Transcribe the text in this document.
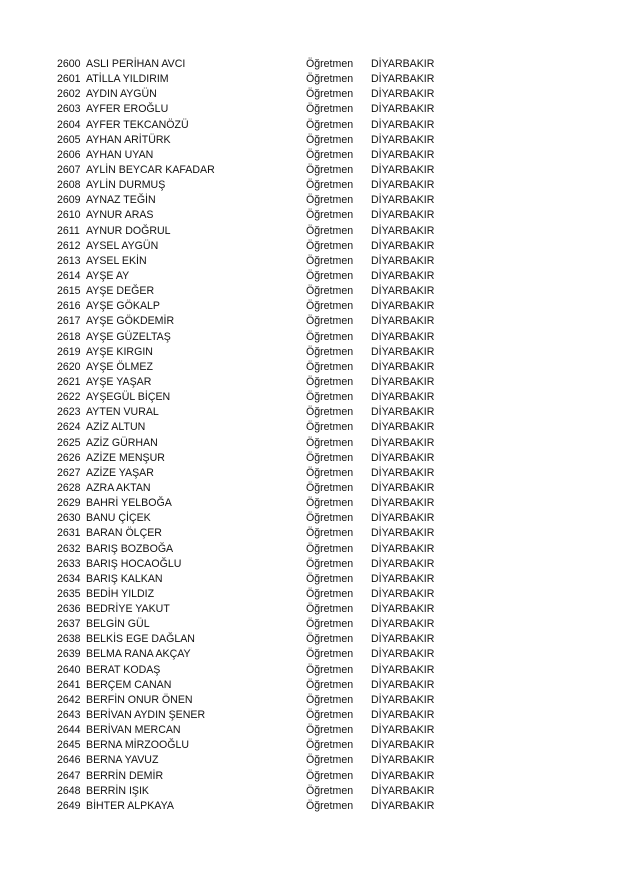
2600 ASLI PERİHAN AVCI	Öğretmen DİYARBAKIR
2601 ATİLLA YILDIRIM	Öğretmen DİYARBAKIR
2602 AYDIN AYGÜN	Öğretmen DİYARBAKIR
2603 AYFER EROĞLU	Öğretmen DİYARBAKIR
2604 AYFER TEKCANÖZÜ	Öğretmen DİYARBAKIR
2605 AYHAN ARİTÜRK	Öğretmen DİYARBAKIR
2606 AYHAN UYAN	Öğretmen DİYARBAKIR
2607 AYLİN BEYCAR KAFADAR	Öğretmen DİYARBAKIR
2608 AYLİN DURMUŞ	Öğretmen DİYARBAKIR
2609 AYNAZ TEĞİN	Öğretmen DİYARBAKIR
2610 AYNUR ARAS	Öğretmen DİYARBAKIR
2611 AYNUR DOĞRUL	Öğretmen DİYARBAKIR
2612 AYSEL AYGÜN	Öğretmen DİYARBAKIR
2613 AYSEL EKİN	Öğretmen DİYARBAKIR
2614 AYŞE AY	Öğretmen DİYARBAKIR
2615 AYŞE DEĞER	Öğretmen DİYARBAKIR
2616 AYŞE GÖKALP	Öğretmen DİYARBAKIR
2617 AYŞE GÖKDEMİR	Öğretmen DİYARBAKIR
2618 AYŞE GÜZELTAŞ	Öğretmen DİYARBAKIR
2619 AYŞE KIRGIN	Öğretmen DİYARBAKIR
2620 AYŞE ÖLMEZ	Öğretmen DİYARBAKIR
2621 AYŞE YAŞAR	Öğretmen DİYARBAKIR
2622 AYŞEGÜL BİÇEN	Öğretmen DİYARBAKIR
2623 AYTEN VURAL	Öğretmen DİYARBAKIR
2624 AZİZ ALTUN	Öğretmen DİYARBAKIR
2625 AZİZ GÜRHAN	Öğretmen DİYARBAKIR
2626 AZİZE MENŞUR	Öğretmen DİYARBAKIR
2627 AZİZE YAŞAR	Öğretmen DİYARBAKIR
2628 AZRA AKTAN	Öğretmen DİYARBAKIR
2629 BAHRİ YELBOĞA	Öğretmen DİYARBAKIR
2630 BANU ÇİÇEK	Öğretmen DİYARBAKIR
2631 BARAN ÖLÇER	Öğretmen DİYARBAKIR
2632 BARIŞ BOZBOĞA	Öğretmen DİYARBAKIR
2633 BARIŞ HOCAOĞLU	Öğretmen DİYARBAKIR
2634 BARIŞ KALKAN	Öğretmen DİYARBAKIR
2635 BEDİH YILDIZ	Öğretmen DİYARBAKIR
2636 BEDRİYE YAKUT	Öğretmen DİYARBAKIR
2637 BELGİN GÜL	Öğretmen DİYARBAKIR
2638 BELKİS EGE DAĞLAN	Öğretmen DİYARBAKIR
2639 BELMA RANA AKÇAY	Öğretmen DİYARBAKIR
2640 BERAT KODAŞ	Öğretmen DİYARBAKIR
2641 BERÇEM CANAN	Öğretmen DİYARBAKIR
2642 BERFİN ONUR ÖNEN	Öğretmen DİYARBAKIR
2643 BERİVAN AYDIN ŞENER	Öğretmen DİYARBAKIR
2644 BERİVAN MERCAN	Öğretmen DİYARBAKIR
2645 BERNA MİRZOOĞLU	Öğretmen DİYARBAKIR
2646 BERNA YAVUZ	Öğretmen DİYARBAKIR
2647 BERRİN DEMİR	Öğretmen DİYARBAKIR
2648 BERRİN IŞIK	Öğretmen DİYARBAKIR
2649 BİHTER ALPKAYA	Öğretmen DİYARBAKIR
